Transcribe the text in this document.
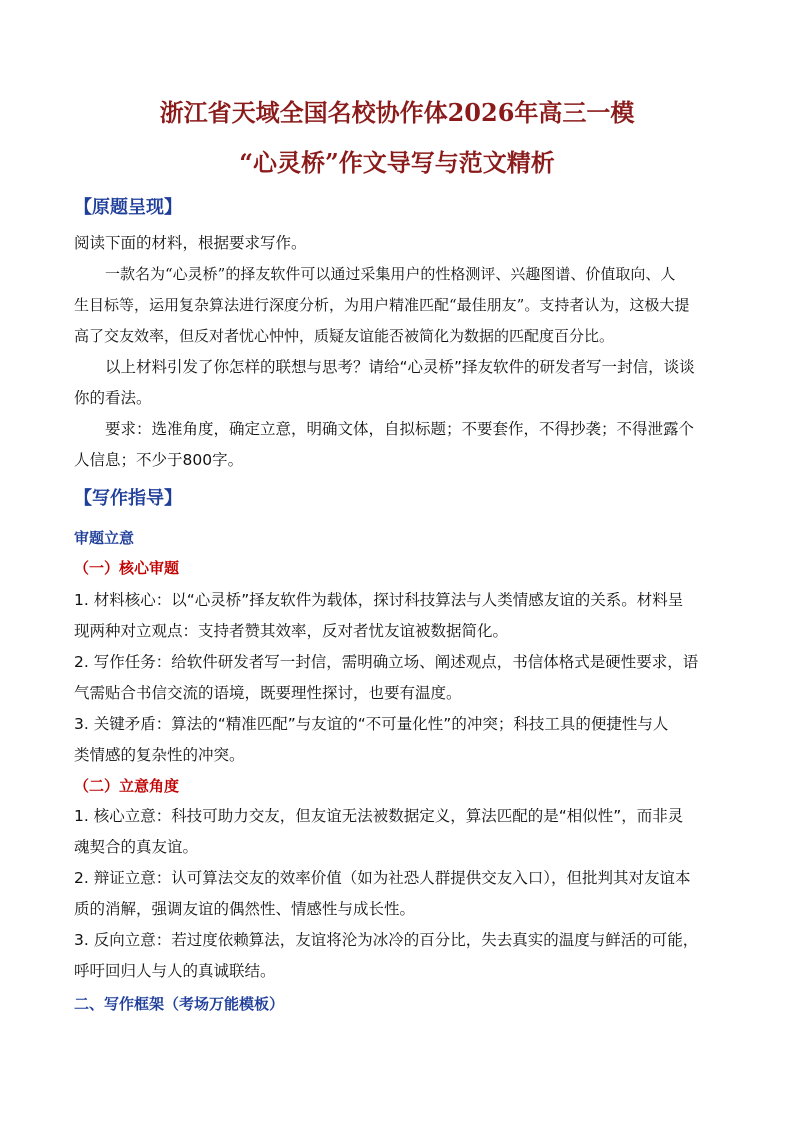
浙江省天域全国名校协作体2026年高三一模
“心灵桥”作文导写与范文精析
【原题呈现】
阅读下面的材料，根据要求写作。
一款名为“心灵桥”的择友软件可以通过采集用户的性格测评、兴趣图谱、价值取向、人
生目标等，运用复杂算法进行深度分析，为用户精准匹配“最佳朋友”。支持者认为，这极大提
高了交友效率，但反对者忧心忡忡，质疑友谊能否被简化为数据的匹配度百分比。
以上材料引发了你怎样的联想与思考？请给“心灵桥”择友软件的研发者写一封信，谈谈
你的看法。
要求：选准角度，确定立意，明确文体，自拟标题；不要套作，不得抄袭；不得泄露个
人信息；不少于800字。
【写作指导】
审题立意
（一）核心审题
1. 材料核心：以“心灵桥”择友软件为载体，探讨科技算法与人类情感友谊的关系。材料呈
现两种对立观点：支持者赞其效率，反对者忧友谊被数据简化。
2. 写作任务：给软件研发者写一封信，需明确立场、阐述观点，书信体格式是硬性要求，语
气需贴合书信交流的语境，既要理性探讨，也要有温度。
3. 关键矛盾：算法的“精准匹配”与友谊的“不可量化性”的冲突；科技工具的便捷性与人
类情感的复杂性的冲突。
（二）立意角度
1. 核心立意：科技可助力交友，但友谊无法被数据定义，算法匹配的是“相似性”，而非灵
魂契合的真友谊。
2. 辩证立意：认可算法交友的效率价值（如为社恐人群提供交友入口），但批判其对友谊本
质的消解，强调友谊的偶然性、情感性与成长性。
3. 反向立意：若过度依赖算法，友谊将沦为冰冷的百分比，失去真实的温度与鲜活的可能，
呼吁回归人与人的真诚联结。
二、写作框架（考场万能模板）
